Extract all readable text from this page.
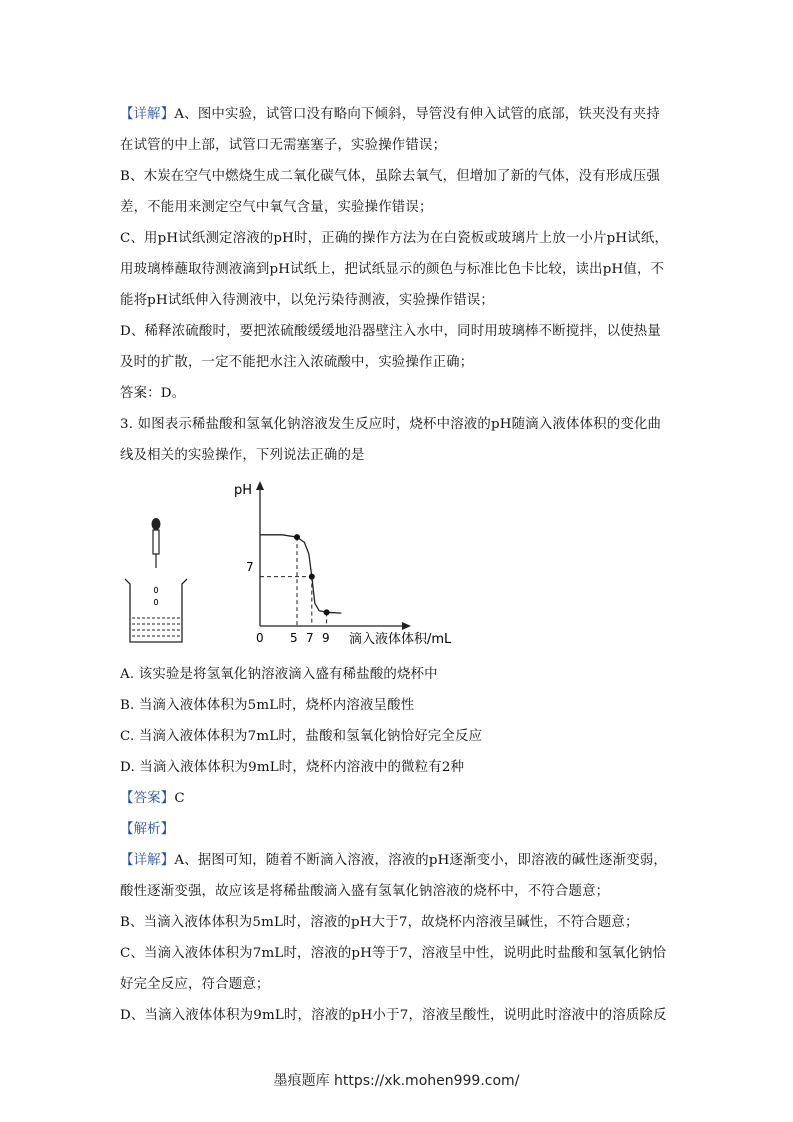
【详解】A、图中实验，试管口没有略向下倾斜，导管没有伸入试管的底部，铁夹没有夹持
在试管的中上部，试管口无需塞塞子，实验操作错误；
B、木炭在空气中燃烧生成二氧化碳气体，虽除去氧气，但增加了新的气体，没有形成压强
差，不能用来测定空气中氧气含量，实验操作错误；
C、用pH试纸测定溶液的pH时，正确的操作方法为在白瓷板或玻璃片上放一小片pH试纸，
用玻璃棒蘸取待测液滴到pH试纸上，把试纸显示的颜色与标准比色卡比较，读出pH值，不
能将pH试纸伸入待测液中，以免污染待测液，实验操作错误；
D、稀释浓硫酸时，要把浓硫酸缓缓地沿器壁注入水中，同时用玻璃棒不断搅拌，以使热量
及时的扩散，一定不能把水注入浓硫酸中，实验操作正确；
答案：D。
3. 如图表示稀盐酸和氢氧化钠溶液发生反应时，烧杯中溶液的pH随滴入液体体积的变化曲
线及相关的实验操作，下列说法正确的是
pH
7
0 5 7 9 滴入液体体积/mL
A. 该实验是将氢氧化钠溶液滴入盛有稀盐酸的烧杯中
B. 当滴入液体体积为5mL时，烧杯内溶液呈酸性
C. 当滴入液体体积为7mL时，盐酸和氢氧化钠恰好完全反应
D. 当滴入液体体积为9mL时，烧杯内溶液中的微粒有2种
【答案】C
【解析】
【详解】A、据图可知，随着不断滴入溶液，溶液的pH逐渐变小，即溶液的碱性逐渐变弱，
酸性逐渐变强，故应该是将稀盐酸滴入盛有氢氧化钠溶液的烧杯中，不符合题意；
B、当滴入液体体积为5mL时，溶液的pH大于7，故烧杯内溶液呈碱性，不符合题意；
C、当滴入液体体积为7mL时，溶液的pH等于7，溶液呈中性，说明此时盐酸和氢氧化钠恰
好完全反应，符合题意；
D、当滴入液体体积为9mL时，溶液的pH小于7，溶液呈酸性，说明此时溶液中的溶质除反
墨痕题库 https://xk.mohen999.com/
